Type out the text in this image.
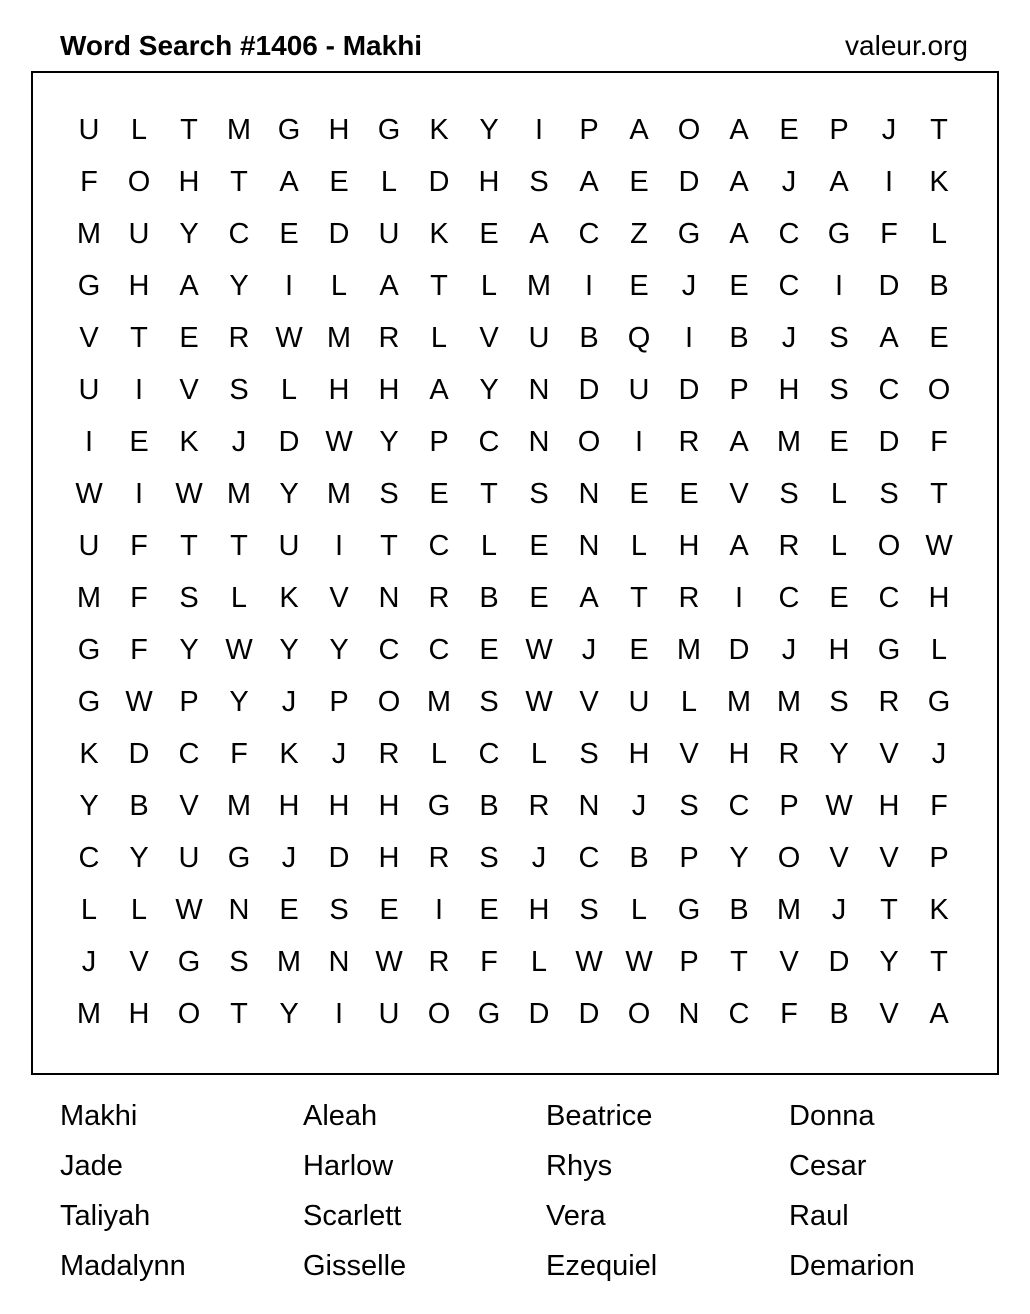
Word Search #1406 - Makhi	valeur.org
U	L	T	M G H G	K	Y	I	P	A	O	A	E	P	J	T
F	O H	T	A	E	L	D	H	S	A	E	D	A	J	A	I	K
M U	Y	C	E	D	U	K	E	A	C	Z	G	A	C G	F	L
G H	A	Y	I	L	A	T	L	M	I	E	J	E	C	I	D	B
V	T	E	R W M R	L	V	U	B	Q	I	B	J	S	A	E
U	I	V	S	L	H	H	A	Y	N	D	U	D	P	H	S	C O
I	E	K	J	D W Y	P	C	N O	I	R	A M E	D	F
W	I	W M Y M S	E	T	S	N	E	E	V	S	L	S	T
U	F	T	T	U	I	T	C	L	E	N	L	H	A	R	L	O W
M	F	S	L	K	V	N	R	B	E	A	T	R	I	C	E	C	H
G	F	Y W Y	Y	C	C	E W	J	E M D	J	H G	L
G W P	Y	J	P	O M S W V	U	L	M M S	R G
K	D	C	F	K	J	R	L	C	L	S	H	V	H	R	Y	V	J
Y	B	V M H	H	H G	B	R	N	J	S	C	P W H	F
C	Y	U G	J	D	H	R	S	J	C	B	P	Y	O	V	V	P
L	L W N	E	S	E	I	E	H	S	L	G	B M	J	T	K
J	V	G	S M N W R	F	L W W P	T	V	D	Y	T
M H O	T	Y	I	U O G D	D O N	C	F	B	V	A
Makhi	Aleah	Beatrice	Donna
Jade	Harlow	Rhys	Cesar
Taliyah	Scarlett	Vera	Raul
Madalynn	Gisselle	Ezequiel	Demarion
